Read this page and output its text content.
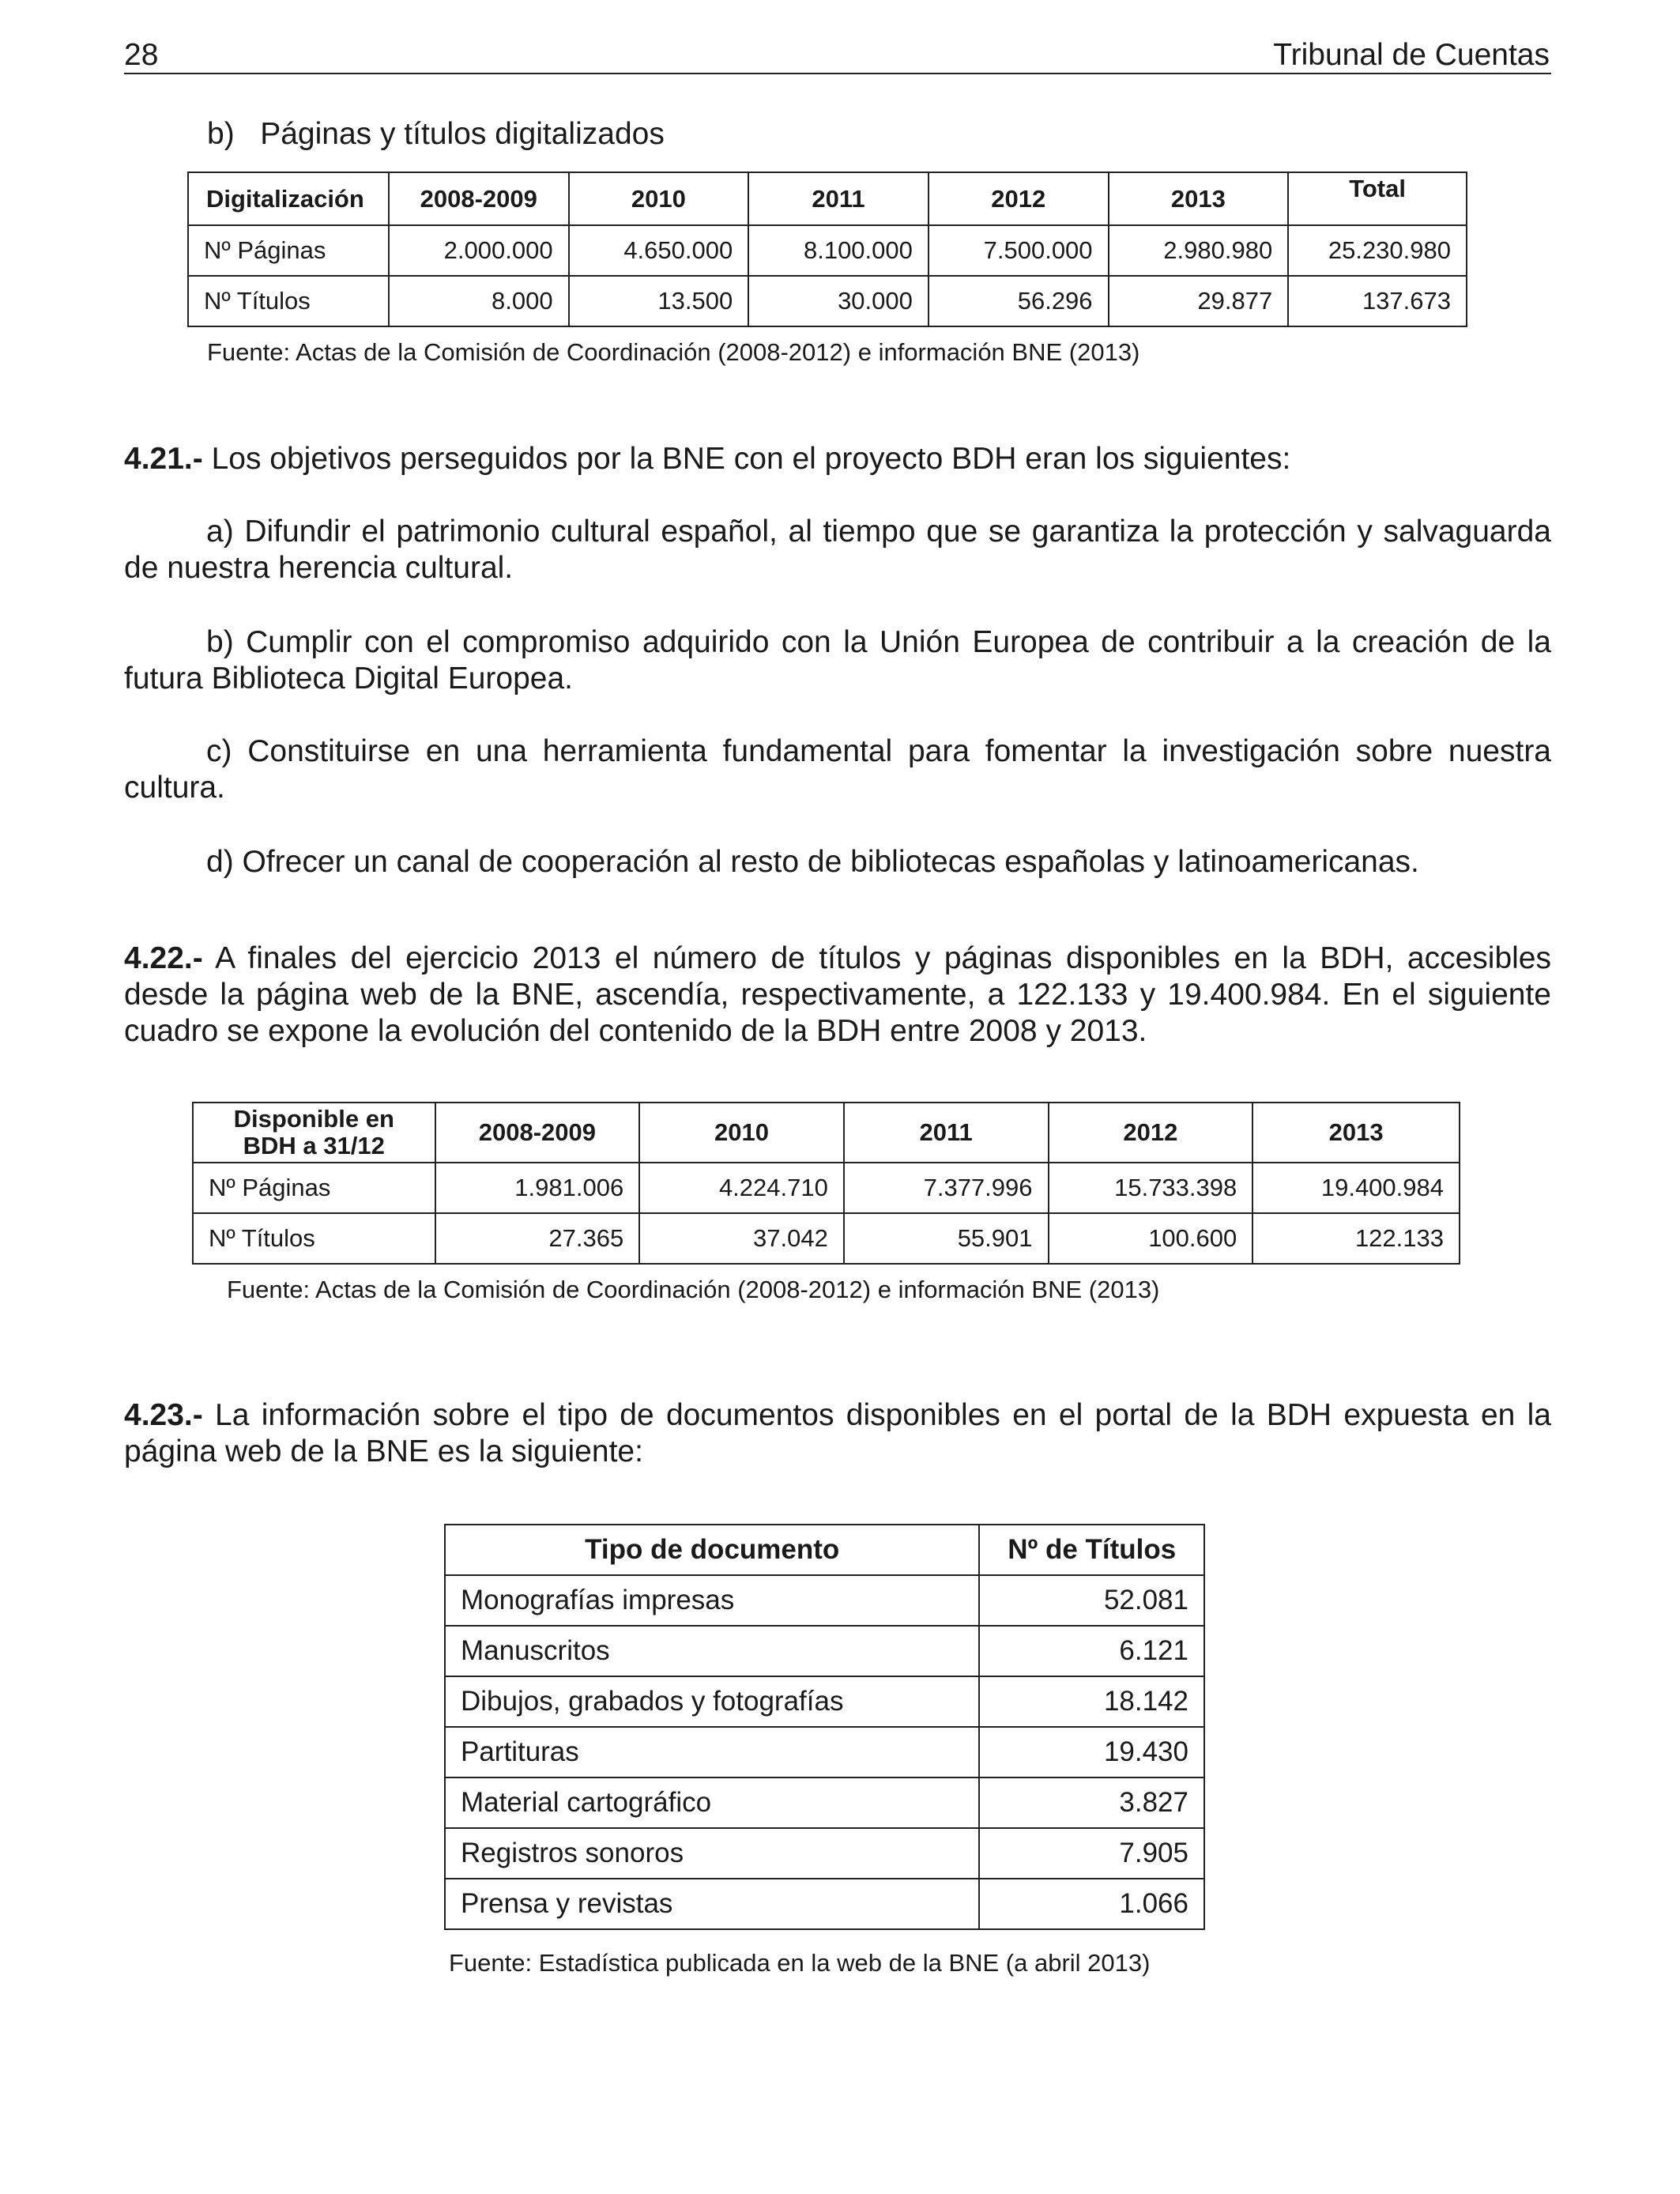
28	Tribunal de Cuentas
b) Páginas y títulos digitalizados
Digitalización	2008-2009	2010	2011	2012	2013	Total
Nº Páginas	2.000.000	4.650.000	8.100.000	7.500.000	2.980.980	25.230.980
Nº Títulos	8.000	13.500	30.000	56.296	29.877	137.673
Fuente: Actas de la Comisión de Coordinación (2008-2012) e información BNE (2013)
4.21.- Los objetivos perseguidos por la BNE con el proyecto BDH eran los siguientes:
a) Difundir el patrimonio cultural español, al tiempo que se garantiza la protección y salvaguarda de nuestra herencia cultural.
b) Cumplir con el compromiso adquirido con la Unión Europea de contribuir a la creación de la futura Biblioteca Digital Europea.
c) Constituirse en una herramienta fundamental para fomentar la investigación sobre nuestra cultura.
d) Ofrecer un canal de cooperación al resto de bibliotecas españolas y latinoamericanas.
4.22.- A finales del ejercicio 2013 el número de títulos y páginas disponibles en la BDH, accesibles desde la página web de la BNE, ascendía, respectivamente, a 122.133 y 19.400.984. En el siguiente cuadro se expone la evolución del contenido de la BDH entre 2008 y 2013.
Disponible en
BDH a 31/12	2008-2009	2010	2011	2012	2013
Nº Páginas	1.981.006	4.224.710	7.377.996	15.733.398	19.400.984
Nº Títulos	27.365	37.042	55.901	100.600	122.133
Fuente: Actas de la Comisión de Coordinación (2008-2012) e información BNE (2013)
4.23.- La información sobre el tipo de documentos disponibles en el portal de la BDH expuesta en la página web de la BNE es la siguiente:
Tipo de documento	Nº de Títulos
Monografías impresas	52.081
Manuscritos	6.121
Dibujos, grabados y fotografías	18.142
Partituras	19.430
Material cartográfico	3.827
Registros sonoros	7.905
Prensa y revistas	1.066
Fuente: Estadística publicada en la web de la BNE (a abril 2013)
